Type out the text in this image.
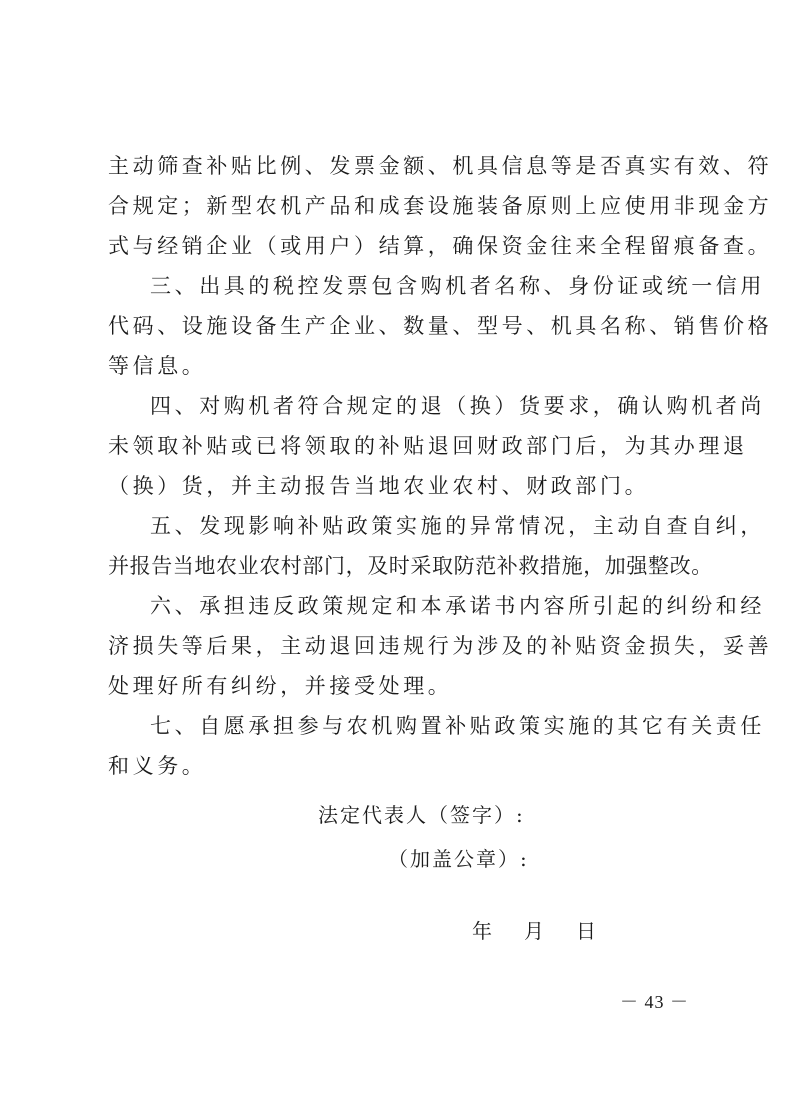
主动筛查补贴比例、发票金额、机具信息等是否真实有效、符
合规定；新型农机产品和成套设施装备原则上应使用非现金方
式与经销企业（或用户）结算，确保资金往来全程留痕备查。
三、出具的税控发票包含购机者名称、身份证或统一信用
代码、设施设备生产企业、数量、型号、机具名称、销售价格
等信息。
四、对购机者符合规定的退（换）货要求，确认购机者尚
未领取补贴或已将领取的补贴退回财政部门后，为其办理退
（换）货，并主动报告当地农业农村、财政部门。
五、发现影响补贴政策实施的异常情况，主动自查自纠，
并报告当地农业农村部门，及时采取防范补救措施，加强整改。
六、承担违反政策规定和本承诺书内容所引起的纠纷和经
济损失等后果，主动退回违规行为涉及的补贴资金损失，妥善
处理好所有纠纷，并接受处理。
七、自愿承担参与农机购置补贴政策实施的其它有关责任
和义务。
法定代表人（签字）:
（加盖公章）:
年 月 日
－ 43 －
